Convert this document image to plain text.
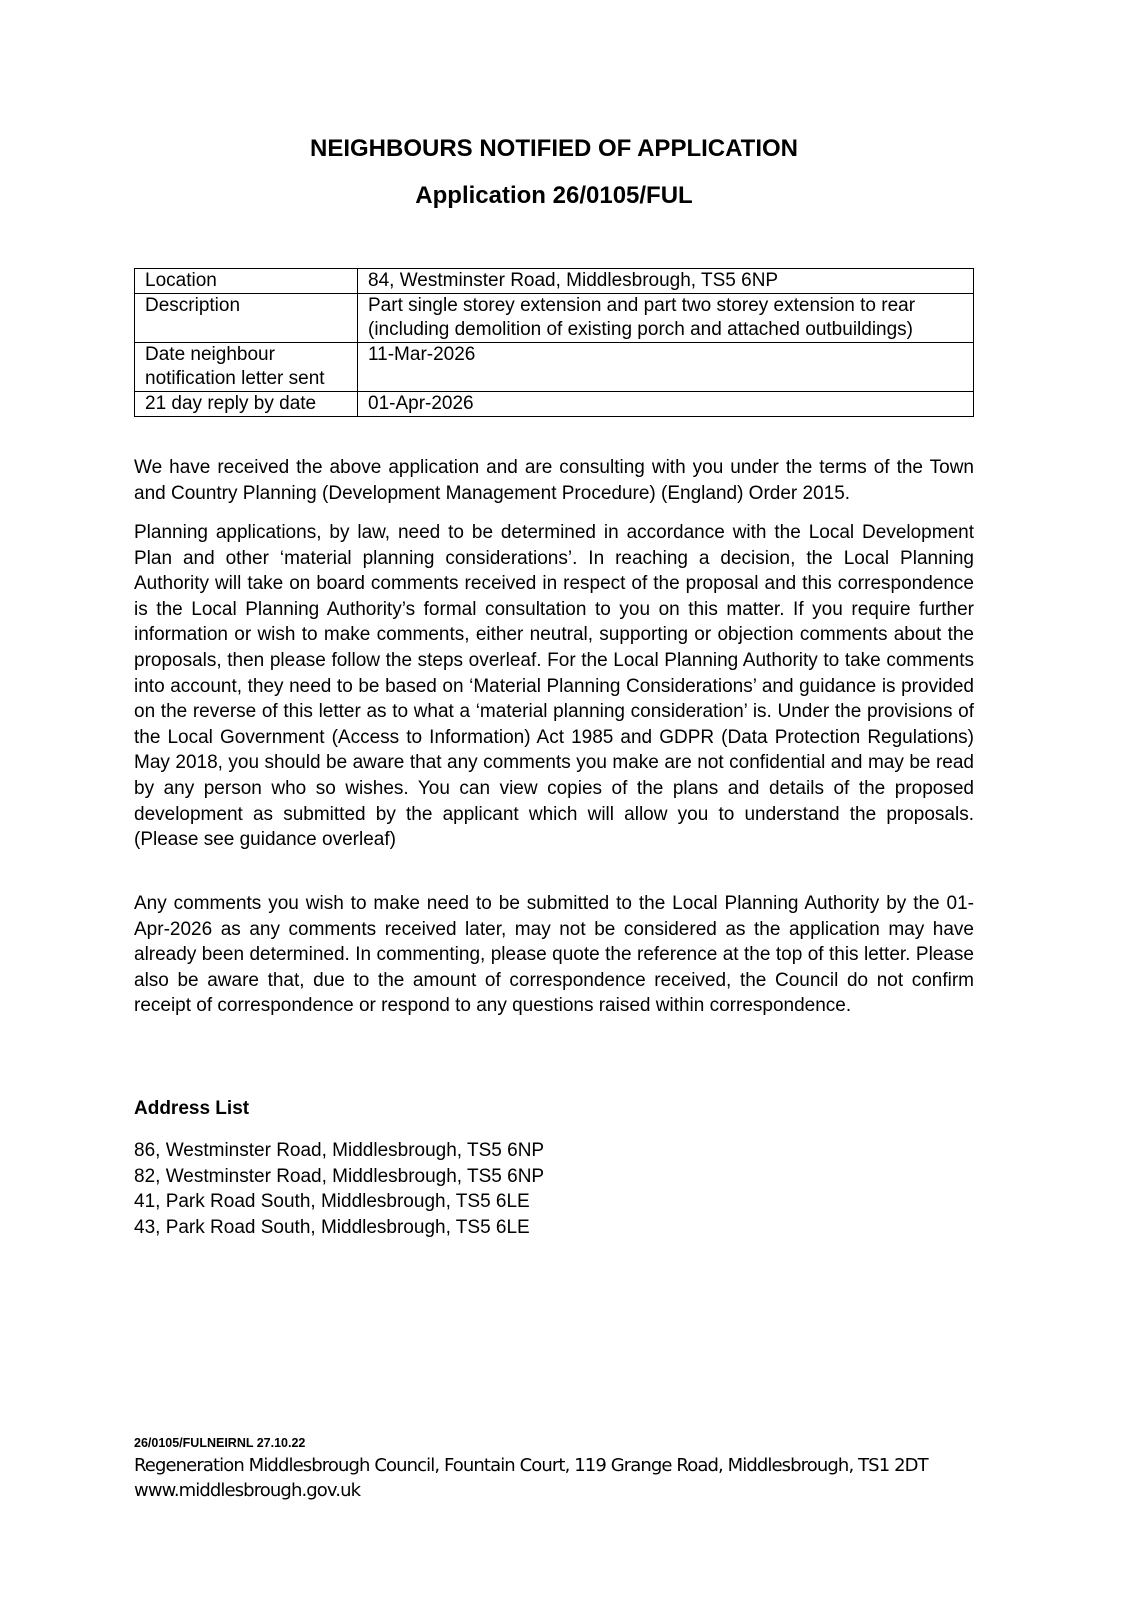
NEIGHBOURS NOTIFIED OF APPLICATION
Application 26/0105/FUL
Location	84, Westminster Road, Middlesbrough, TS5 6NP
Description	Part single storey extension and part two storey extension to rear (including demolition of existing porch and attached outbuildings)
Date neighbour notification letter sent	11-Mar-2026
21 day reply by date	01-Apr-2026

We have received the above application and are consulting with you under the terms of the Town and Country Planning (Development Management Procedure) (England) Order 2015.

Planning applications, by law, need to be determined in accordance with the Local Development Plan and other ‘material planning considerations’. In reaching a decision, the Local Planning Authority will take on board comments received in respect of the proposal and this correspondence is the Local Planning Authority’s formal consultation to you on this matter. If you require further information or wish to make comments, either neutral, supporting or objection comments about the proposals, then please follow the steps overleaf. For the Local Planning Authority to take comments into account, they need to be based on ‘Material Planning Considerations’ and guidance is provided on the reverse of this letter as to what a ‘material planning consideration’ is. Under the provisions of the Local Government (Access to Information) Act 1985 and GDPR (Data Protection Regulations) May 2018, you should be aware that any comments you make are not confidential and may be read by any person who so wishes. You can view copies of the plans and details of the proposed development as submitted by the applicant which will allow you to understand the proposals. (Please see guidance overleaf)

Any comments you wish to make need to be submitted to the Local Planning Authority by the 01-Apr-2026 as any comments received later, may not be considered as the application may have already been determined. In commenting, please quote the reference at the top of this letter. Please also be aware that, due to the amount of correspondence received, the Council do not confirm receipt of correspondence or respond to any questions raised within correspondence.

Address List
86, Westminster Road, Middlesbrough, TS5 6NP
82, Westminster Road, Middlesbrough, TS5 6NP
41, Park Road South, Middlesbrough, TS5 6LE
43, Park Road South, Middlesbrough, TS5 6LE
26/0105/FULNEIRNL 27.10.22
Regeneration Middlesbrough Council, Fountain Court, 119 Grange Road, Middlesbrough, TS1 2DT
www.middlesbrough.gov.uk
